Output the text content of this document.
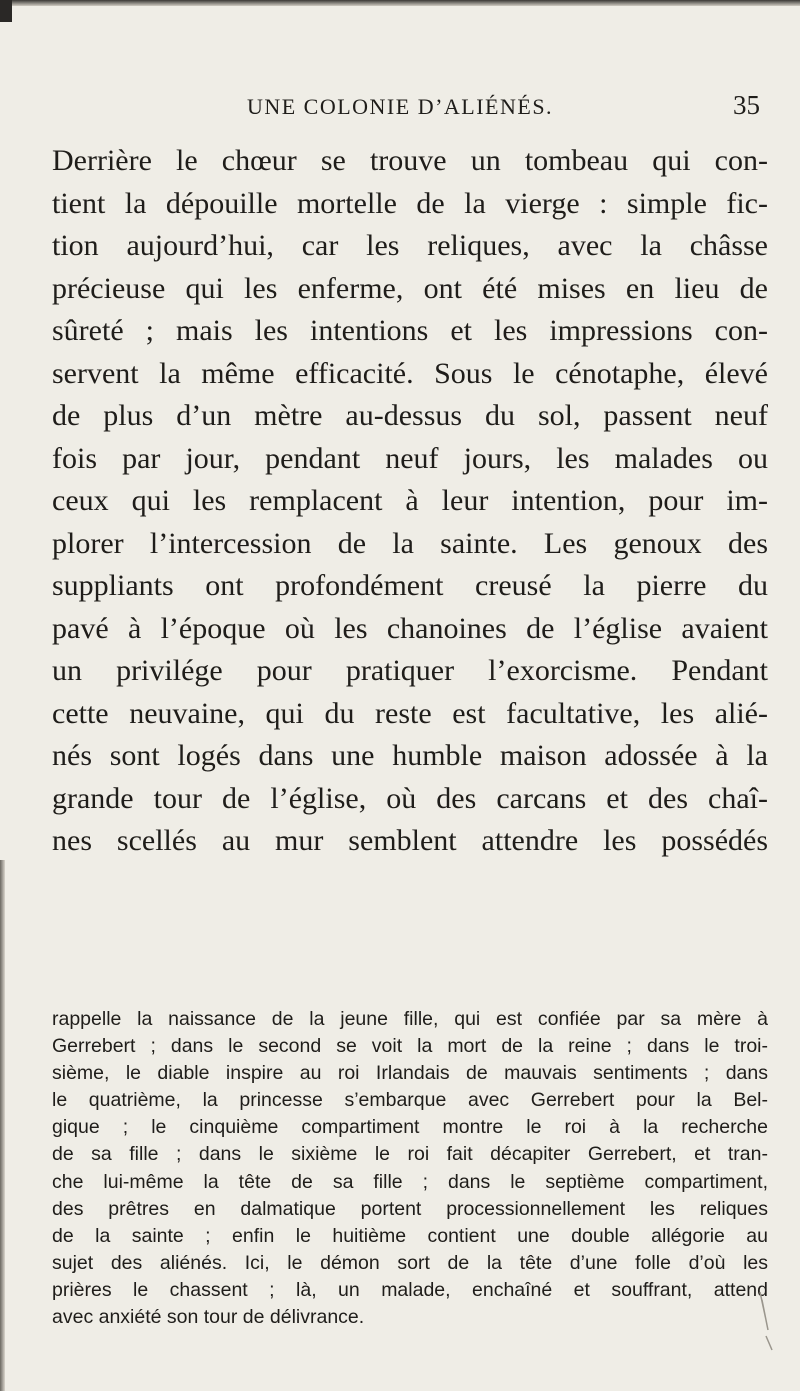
UNE COLONIE D’ALIÉNÉS.	35
Derrière le chœur se trouve un tombeau qui con-
tient la dépouille mortelle de la vierge : simple fic-
tion aujourd’hui, car les reliques, avec la châsse
précieuse qui les enferme, ont été mises en lieu de
sûreté ; mais les intentions et les impressions con-
servent la même efficacité. Sous le cénotaphe, élevé
de plus d’un mètre au-dessus du sol, passent neuf
fois par jour, pendant neuf jours, les malades ou
ceux qui les remplacent à leur intention, pour im-
plorer l’intercession de la sainte. Les genoux des
suppliants ont profondément creusé la pierre du
pavé à l’époque où les chanoines de l’église avaient
un privilége pour pratiquer l’exorcisme. Pendant
cette neuvaine, qui du reste est facultative, les alié-
nés sont logés dans une humble maison adossée à la
grande tour de l’église, où des carcans et des chaî-
nes scellés au mur semblent attendre les possédés
rappelle la naissance de la jeune fille, qui est confiée par sa mère à
Gerrebert ; dans le second se voit la mort de la reine ; dans le troi-
sième, le diable inspire au roi Irlandais de mauvais sentiments ; dans
le quatrième, la princesse s’embarque avec Gerrebert pour la Bel-
gique ; le cinquième compartiment montre le roi à la recherche
de sa fille ; dans le sixième le roi fait décapiter Gerrebert, et tran-
che lui-même la tête de sa fille ; dans le septième compartiment,
des prêtres en dalmatique portent processionnellement les reliques
de la sainte ; enfin le huitième contient une double allégorie au
sujet des aliénés. Ici, le démon sort de la tête d’une folle d’où les
prières le chassent ; là, un malade, enchaîné et souffrant, attend
avec anxiété son tour de délivrance.
